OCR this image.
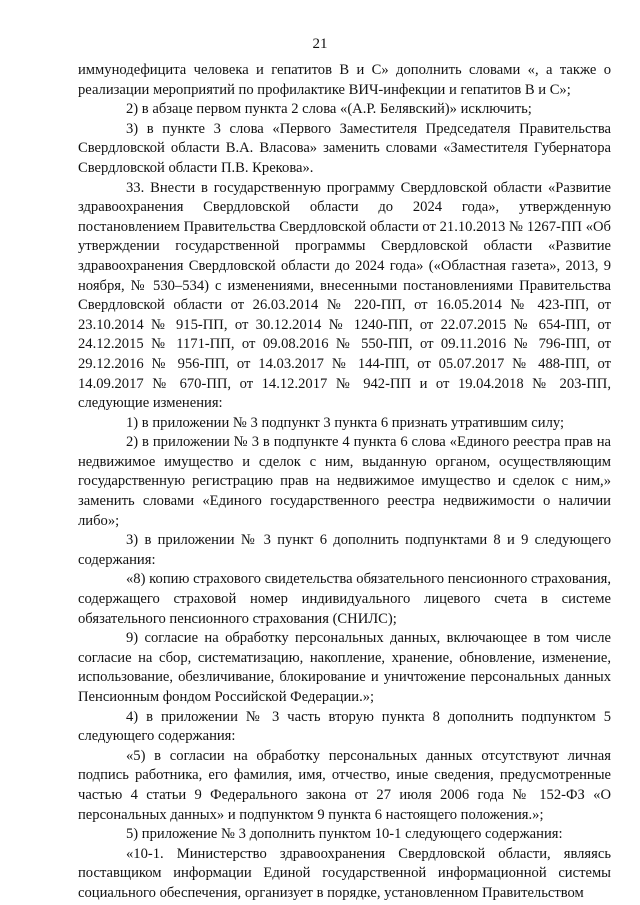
21

иммунодефицита человека и гепатитов В и С» дополнить словами «, а также о реализации мероприятий по профилактике ВИЧ-инфекции и гепатитов В и С»;

2) в абзаце первом пункта 2 слова «(А.Р. Белявский)» исключить;

3) в пункте 3 слова «Первого Заместителя Председателя Правительства Свердловской области В.А. Власова» заменить словами «Заместителя Губернатора Свердловской области П.В. Крекова».

33. Внести в государственную программу Свердловской области «Развитие здравоохранения Свердловской области до 2024 года», утвержденную постановлением Правительства Свердловской области от 21.10.2013 № 1267-ПП «Об утверждении государственной программы Свердловской области «Развитие здравоохранения Свердловской области до 2024 года» («Областная газета», 2013, 9 ноября, № 530–534) с изменениями, внесенными постановлениями Правительства Свердловской области от 26.03.2014 № 220-ПП, от 16.05.2014 № 423-ПП, от 23.10.2014 № 915-ПП, от 30.12.2014 № 1240-ПП, от 22.07.2015 № 654-ПП, от 24.12.2015 № 1171-ПП, от 09.08.2016 № 550-ПП, от 09.11.2016 № 796-ПП, от 29.12.2016 № 956-ПП, от 14.03.2017 № 144-ПП, от 05.07.2017 № 488-ПП, от 14.09.2017 № 670-ПП, от 14.12.2017 № 942-ПП и от 19.04.2018 № 203-ПП, следующие изменения:

1) в приложении № 3 подпункт 3 пункта 6 признать утратившим силу;

2) в приложении № 3 в подпункте 4 пункта 6 слова «Единого реестра прав на недвижимое имущество и сделок с ним, выданную органом, осуществляющим государственную регистрацию прав на недвижимое имущество и сделок с ним,» заменить словами «Единого государственного реестра недвижимости о наличии либо»;

3) в приложении № 3 пункт 6 дополнить подпунктами 8 и 9 следующего содержания:

«8) копию страхового свидетельства обязательного пенсионного страхования, содержащего страховой номер индивидуального лицевого счета в системе обязательного пенсионного страхования (СНИЛС);

9) согласие на обработку персональных данных, включающее в том числе согласие на сбор, систематизацию, накопление, хранение, обновление, изменение, использование, обезличивание, блокирование и уничтожение персональных данных Пенсионным фондом Российской Федерации.»;

4) в приложении № 3 часть вторую пункта 8 дополнить подпунктом 5 следующего содержания:

«5) в согласии на обработку персональных данных отсутствуют личная подпись работника, его фамилия, имя, отчество, иные сведения, предусмотренные частью 4 статьи 9 Федерального закона от 27 июля 2006 года № 152-ФЗ «О персональных данных» и подпунктом 9 пункта 6 настоящего положения.»;

5) приложение № 3 дополнить пунктом 10-1 следующего содержания:

«10-1. Министерство здравоохранения Свердловской области, являясь поставщиком информации Единой государственной информационной системы социального обеспечения, организует в порядке, установленном Правительством
